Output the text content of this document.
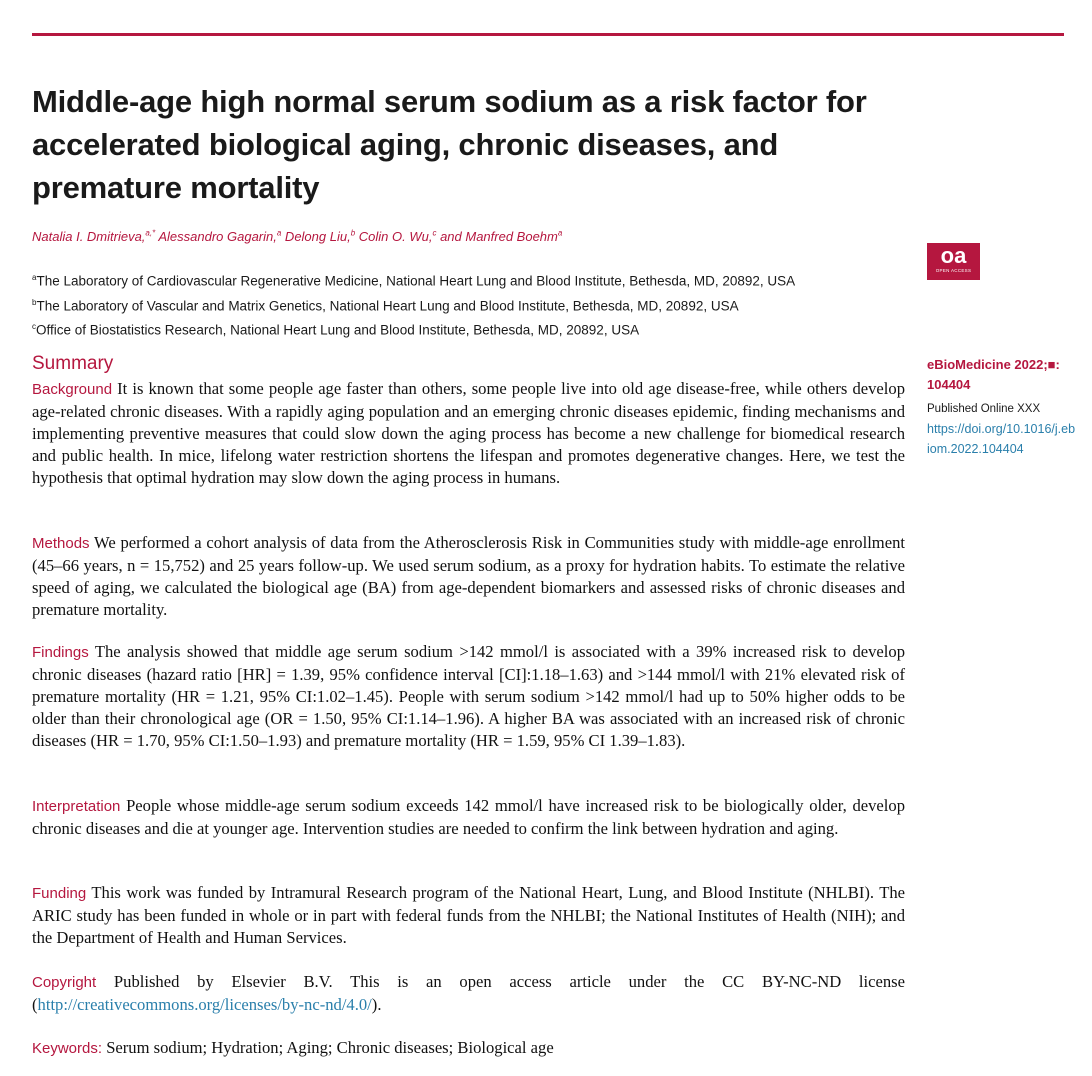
Middle-age high normal serum sodium as a risk factor for accelerated biological aging, chronic diseases, and premature mortality
Natalia I. Dmitrieva,$^{a,*}$ Alessandro Gagarin,$^a$ Delong Liu,$^b$ Colin O. Wu,$^c$ and Manfred Boehm$^a$
$^a$The Laboratory of Cardiovascular Regenerative Medicine, National Heart Lung and Blood Institute, Bethesda, MD, 20892, USA
$^b$The Laboratory of Vascular and Matrix Genetics, National Heart Lung and Blood Institute, Bethesda, MD, 20892, USA
$^c$Office of Biostatistics Research, National Heart Lung and Blood Institute, Bethesda, MD, 20892, USA
oa
OPEN ACCESS
eBioMedicine 2022;■: 104404
Published Online XXX
https://doi.org/10.1016/j.ebiom.2022.104404
Summary

Background It is known that some people age faster than others, some people live into old age disease-free, while others develop age-related chronic diseases. With a rapidly aging population and an emerging chronic diseases epidemic, finding mechanisms and implementing preventive measures that could slow down the aging process has become a new challenge for biomedical research and public health. In mice, lifelong water restriction shortens the lifespan and promotes degenerative changes. Here, we test the hypothesis that optimal hydration may slow down the aging process in humans.

Methods We performed a cohort analysis of data from the Atherosclerosis Risk in Communities study with middle-age enrollment (45–66 years, n = 15,752) and 25 years follow-up. We used serum sodium, as a proxy for hydration habits. To estimate the relative speed of aging, we calculated the biological age (BA) from age-dependent biomarkers and assessed risks of chronic diseases and premature mortality.

Findings The analysis showed that middle age serum sodium >142 mmol/l is associated with a 39% increased risk to develop chronic diseases (hazard ratio [HR] = 1.39, 95% confidence interval [CI]:1.18–1.63) and >144 mmol/l with 21% elevated risk of premature mortality (HR = 1.21, 95% CI:1.02–1.45). People with serum sodium >142 mmol/l had up to 50% higher odds to be older than their chronological age (OR = 1.50, 95% CI:1.14–1.96). A higher BA was associated with an increased risk of chronic diseases (HR = 1.70, 95% CI:1.50–1.93) and premature mortality (HR = 1.59, 95% CI 1.39–1.83).

Interpretation People whose middle-age serum sodium exceeds 142 mmol/l have increased risk to be biologically older, develop chronic diseases and die at younger age. Intervention studies are needed to confirm the link between hydration and aging.

Funding This work was funded by Intramural Research program of the National Heart, Lung, and Blood Institute (NHLBI). The ARIC study has been funded in whole or in part with federal funds from the NHLBI; the National Institutes of Health (NIH); and the Department of Health and Human Services.

Copyright Published by Elsevier B.V. This is an open access article under the CC BY-NC-ND license (http://creativecommons.org/licenses/by-nc-nd/4.0/).

Keywords: Serum sodium; Hydration; Aging; Chronic diseases; Biological age
